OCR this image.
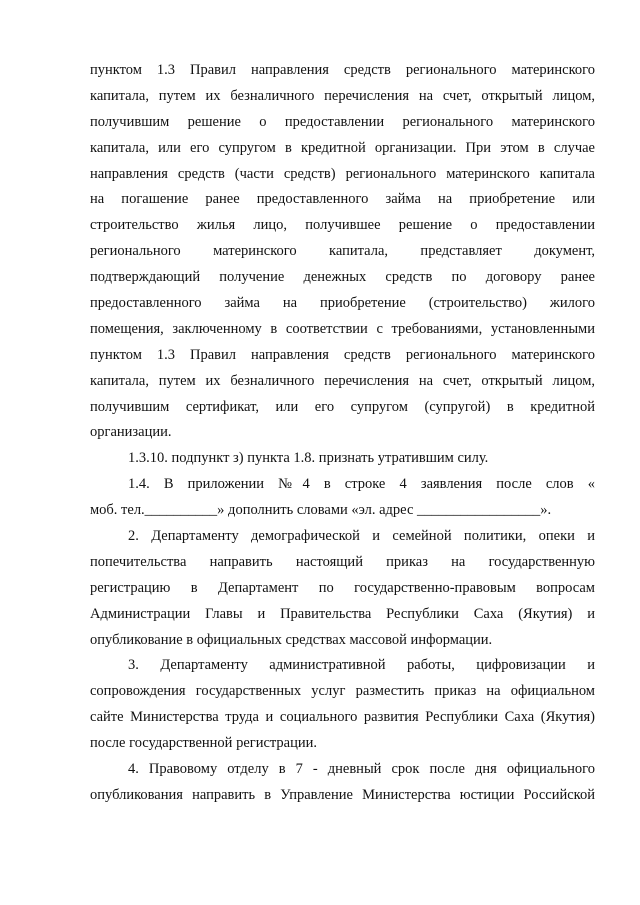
пунктом 1.3 Правил направления средств регионального материнского
капитала, путем их безналичного перечисления на счет, открытый лицом,
получившим решение о предоставлении регионального материнского
капитала, или его супругом в кредитной организации. При этом в случае
направления средств (части средств) регионального материнского капитала
на погашение ранее предоставленного займа на приобретение или
строительство жилья лицо, получившее решение о предоставлении
регионального материнского капитала, представляет документ,
подтверждающий получение денежных средств по договору ранее
предоставленного займа на приобретение (строительство) жилого
помещения, заключенному в соответствии с требованиями, установленными
пунктом 1.3 Правил направления средств регионального материнского
капитала, путем их безналичного перечисления на счет, открытый лицом,
получившим сертификат, или его супругом (супругой) в кредитной
организации.
1.3.10. подпункт з) пункта 1.8. признать утратившим силу.
1.4. В приложении №4 в строке 4 заявления после слов «
моб. тел.__________» дополнить словами «эл. адрес _________________».
2. Департаменту демографической и семейной политики, опеки и
попечительства направить настоящий приказ на государственную
регистрацию в Департамент по государственно-правовым вопросам
Администрации Главы и Правительства Республики Саха (Якутия) и
опубликование в официальных средствах массовой информации.
3. Департаменту административной работы, цифровизации и
сопровождения государственных услуг разместить приказ на официальном
сайте Министерства труда и социального развития Республики Саха (Якутия)
после государственной регистрации.
4. Правовому отделу в 7 - дневный срок после дня официального
опубликования направить в Управление Министерства юстиции Российской
